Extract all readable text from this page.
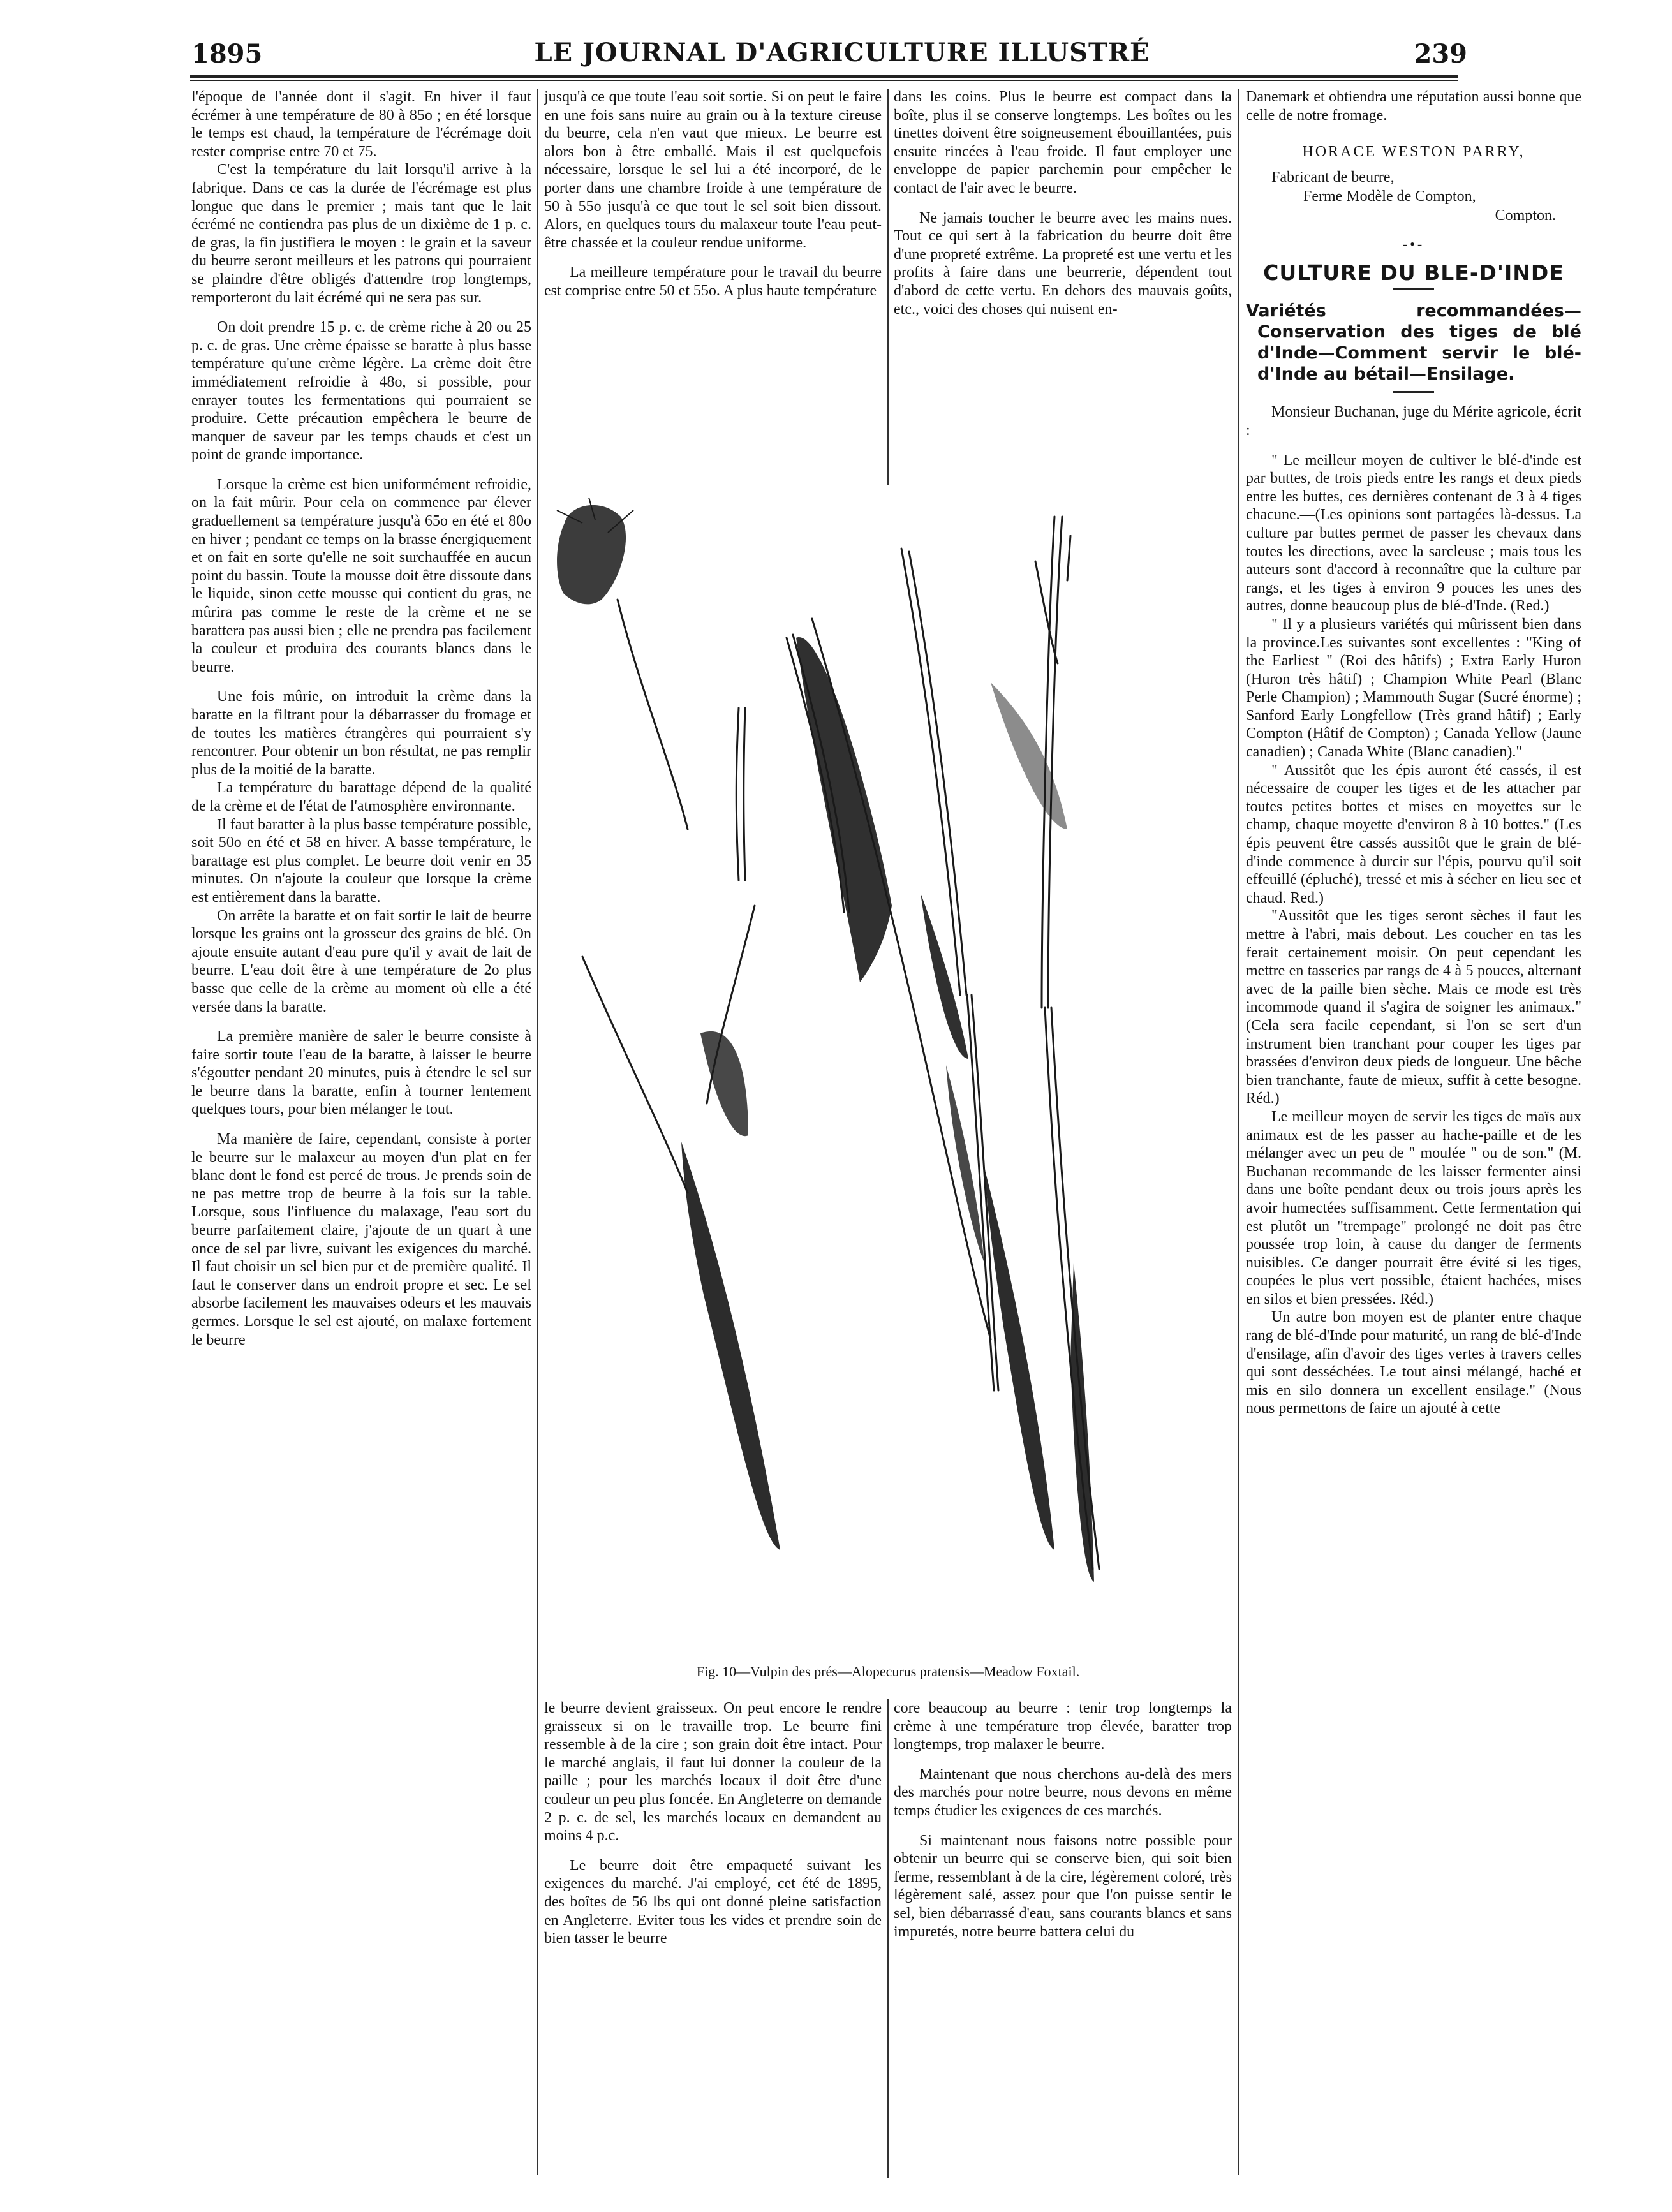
1895	LE JOURNAL D'AGRICULTURE ILLUSTRÉ	239

l'époque de l'année dont il s'agit. En hiver il faut écrémer à une température de 80 à 85o ; en été lorsque le temps est chaud, la température de l'écrémage doit rester comprise entre 70 et 75.

C'est la température du lait lorsqu'il arrive à la fabrique. Dans ce cas la durée de l'écrémage est plus longue que dans le premier ; mais tant que le lait écrémé ne contiendra pas plus de un dixième de 1 p. c. de gras, la fin justifiera le moyen : le grain et la saveur du beurre seront meilleurs et les patrons qui pourraient se plaindre d'être obligés d'attendre trop longtemps, remporteront du lait écrémé qui ne sera pas sur.

On doit prendre 15 p. c. de crème riche à 20 ou 25 p. c. de gras. Une crème épaisse se baratte à plus basse température qu'une crème légère. La crème doit être immédiatement refroidie à 48o, si possible, pour enrayer toutes les fermentations qui pourraient se produire. Cette précaution empêchera le beurre de manquer de saveur par les temps chauds et c'est un point de grande importance.

Lorsque la crème est bien uniformément refroidie, on la fait mûrir. Pour cela on commence par élever graduellement sa température jusqu'à 65o en été et 80o en hiver ; pendant ce temps on la brasse énergiquement et on fait en sorte qu'elle ne soit surchauffée en aucun point du bassin. Toute la mousse doit être dissoute dans le liquide, sinon cette mousse qui contient du gras, ne mûrira pas comme le reste de la crème et ne se barattera pas aussi bien ; elle ne prendra pas facilement la couleur et produira des courants blancs dans le beurre.

Une fois mûrie, on introduit la crème dans la baratte en la filtrant pour la débarrasser du fromage et de toutes les matières étrangères qui pourraient s'y rencontrer. Pour obtenir un bon résultat, ne pas remplir plus de la moitié de la baratte.

La température du barattage dépend de la qualité de la crème et de l'état de l'atmosphère environnante.

Il faut baratter à la plus basse température possible, soit 50o en été et 58 en hiver. A basse température, le barattage est plus complet. Le beurre doit venir en 35 minutes. On n'ajoute la couleur que lorsque la crème est entièrement dans la baratte.

On arrête la baratte et on fait sortir le lait de beurre lorsque les grains ont la grosseur des grains de blé. On ajoute ensuite autant d'eau pure qu'il y avait de lait de beurre. L'eau doit être à une température de 2o plus basse que celle de la crème au moment où elle a été versée dans la baratte.

La première manière de saler le beurre consiste à faire sortir toute l'eau de la baratte, à laisser le beurre s'égoutter pendant 20 minutes, puis à étendre le sel sur le beurre dans la baratte, enfin à tourner lentement quelques tours, pour bien mélanger le tout.

Ma manière de faire, cependant, consiste à porter le beurre sur le malaxeur au moyen d'un plat en fer blanc dont le fond est percé de trous. Je prends soin de ne pas mettre trop de beurre à la fois sur la table. Lorsque, sous l'influence du malaxage, l'eau sort du beurre parfaitement claire, j'ajoute de un quart à une once de sel par livre, suivant les exigences du marché. Il faut choisir un sel bien pur et de première qualité. Il faut le conserver dans un endroit propre et sec. Le sel absorbe facilement les mauvaises odeurs et les mauvais germes. Lorsque le sel est ajouté, on malaxe fortement le beurre

jusqu'à ce que toute l'eau soit sortie. Si on peut le faire en une fois sans nuire au grain ou à la texture cireuse du beurre, cela n'en vaut que mieux. Le beurre est alors bon à être emballé. Mais il est quelquefois nécessaire, lorsque le sel lui a été incorporé, de le porter dans une chambre froide à une température de 50 à 55o jusqu'à ce que tout le sel soit bien dissout. Alors, en quelques tours du malaxeur toute l'eau peut-être chassée et la couleur rendue uniforme.

La meilleure température pour le travail du beurre est comprise entre 50 et 55o. A plus haute température

dans les coins. Plus le beurre est compact dans la boîte, plus il se conserve longtemps. Les boîtes ou les tinettes doivent être soigneusement ébouillantées, puis ensuite rincées à l'eau froide. Il faut employer une enveloppe de papier parchemin pour empêcher le contact de l'air avec le beurre.

Ne jamais toucher le beurre avec les mains nues. Tout ce qui sert à la fabrication du beurre doit être d'une propreté extrême. La propreté est une vertu et les profits à faire dans une beurrerie, dépendent tout d'abord de cette vertu. En dehors des mauvais goûts, etc., voici des choses qui nuisent en-

Fig. 10—Vulpin des prés—Alopecurus pratensis—Meadow Foxtail.

le beurre devient graisseux. On peut encore le rendre graisseux si on le travaille trop. Le beurre fini ressemble à de la cire ; son grain doit être intact. Pour le marché anglais, il faut lui donner la couleur de la paille ; pour les marchés locaux il doit être d'une couleur un peu plus foncée. En Angleterre on demande 2 p. c. de sel, les marchés locaux en demandent au moins 4 p.c.

Le beurre doit être empaqueté suivant les exigences du marché. J'ai employé, cet été de 1895, des boîtes de 56 lbs qui ont donné pleine satisfaction en Angleterre. Eviter tous les vides et prendre soin de bien tasser le beurre

core beaucoup au beurre : tenir trop longtemps la crème à une température trop élevée, baratter trop longtemps, trop malaxer le beurre.

Maintenant que nous cherchons au-delà des mers des marchés pour notre beurre, nous devons en même temps étudier les exigences de ces marchés.

Si maintenant nous faisons notre possible pour obtenir un beurre qui se conserve bien, qui soit bien ferme, ressemblant à de la cire, légèrement coloré, très légèrement salé, assez pour que l'on puisse sentir le sel, bien débarrassé d'eau, sans courants blancs et sans impuretés, notre beurre battera celui du

Danemark et obtiendra une réputation aussi bonne que celle de notre fromage.

HORACE WESTON PARRY,
Fabricant de beurre,
Ferme Modèle de Compton,
Compton.
-•-
CULTURE DU BLE-D'INDE
Variétés recommandées—Conservation des tiges de blé d'Inde—Comment servir le blé-d'Inde au bétail—Ensilage.

Monsieur Buchanan, juge du Mérite agricole, écrit :

" Le meilleur moyen de cultiver le blé-d'inde est par buttes, de trois pieds entre les rangs et deux pieds entre les buttes, ces dernières contenant de 3 à 4 tiges chacune.—(Les opinions sont partagées là-dessus. La culture par buttes permet de passer les chevaux dans toutes les directions, avec la sarcleuse ; mais tous les auteurs sont d'accord à reconnaître que la culture par rangs, et les tiges à environ 9 pouces les unes des autres, donne beaucoup plus de blé-d'Inde. (Red.)

" Il y a plusieurs variétés qui mûrissent bien dans la province.Les suivantes sont excellentes : "King of the Earliest " (Roi des hâtifs) ; Extra Early Huron (Huron très hâtif) ; Champion White Pearl (Blanc Perle Champion) ; Mammouth Sugar (Sucré énorme) ; Sanford Early Longfellow (Très grand hâtif) ; Early Compton (Hâtif de Compton) ; Canada Yellow (Jaune canadien) ; Canada White (Blanc canadien)."

" Aussitôt que les épis auront été cassés, il est nécessaire de couper les tiges et de les attacher par toutes petites bottes et mises en moyettes sur le champ, chaque moyette d'environ 8 à 10 bottes." (Les épis peuvent être cassés aussitôt que le grain de blé-d'inde commence à durcir sur l'épis, pourvu qu'il soit effeuillé (épluché), tressé et mis à sécher en lieu sec et chaud. Red.)

"Aussitôt que les tiges seront sèches il faut les mettre à l'abri, mais debout. Les coucher en tas les ferait certainement moisir. On peut cependant les mettre en tasseries par rangs de 4 à 5 pouces, alternant avec de la paille bien sèche. Mais ce mode est très incommode quand il s'agira de soigner les animaux." (Cela sera facile cependant, si l'on se sert d'un instrument bien tranchant pour couper les tiges par brassées d'environ deux pieds de longueur. Une bêche bien tranchante, faute de mieux, suffit à cette besogne. Réd.)

Le meilleur moyen de servir les tiges de maïs aux animaux est de les passer au hache-paille et de les mélanger avec un peu de " moulée " ou de son." (M. Buchanan recommande de les laisser fermenter ainsi dans une boîte pendant deux ou trois jours après les avoir humectées suffisamment. Cette fermentation qui est plutôt un "trempage" prolongé ne doit pas être poussée trop loin, à cause du danger de ferments nuisibles. Ce danger pourrait être évité si les tiges, coupées le plus vert possible, étaient hachées, mises en silos et bien pressées. Réd.)

Un autre bon moyen est de planter entre chaque rang de blé-d'Inde pour maturité, un rang de blé-d'Inde d'ensilage, afin d'avoir des tiges vertes à travers celles qui sont desséchées. Le tout ainsi mélangé, haché et mis en silo donnera un excellent ensilage." (Nous nous permettons de faire un ajouté à cette
